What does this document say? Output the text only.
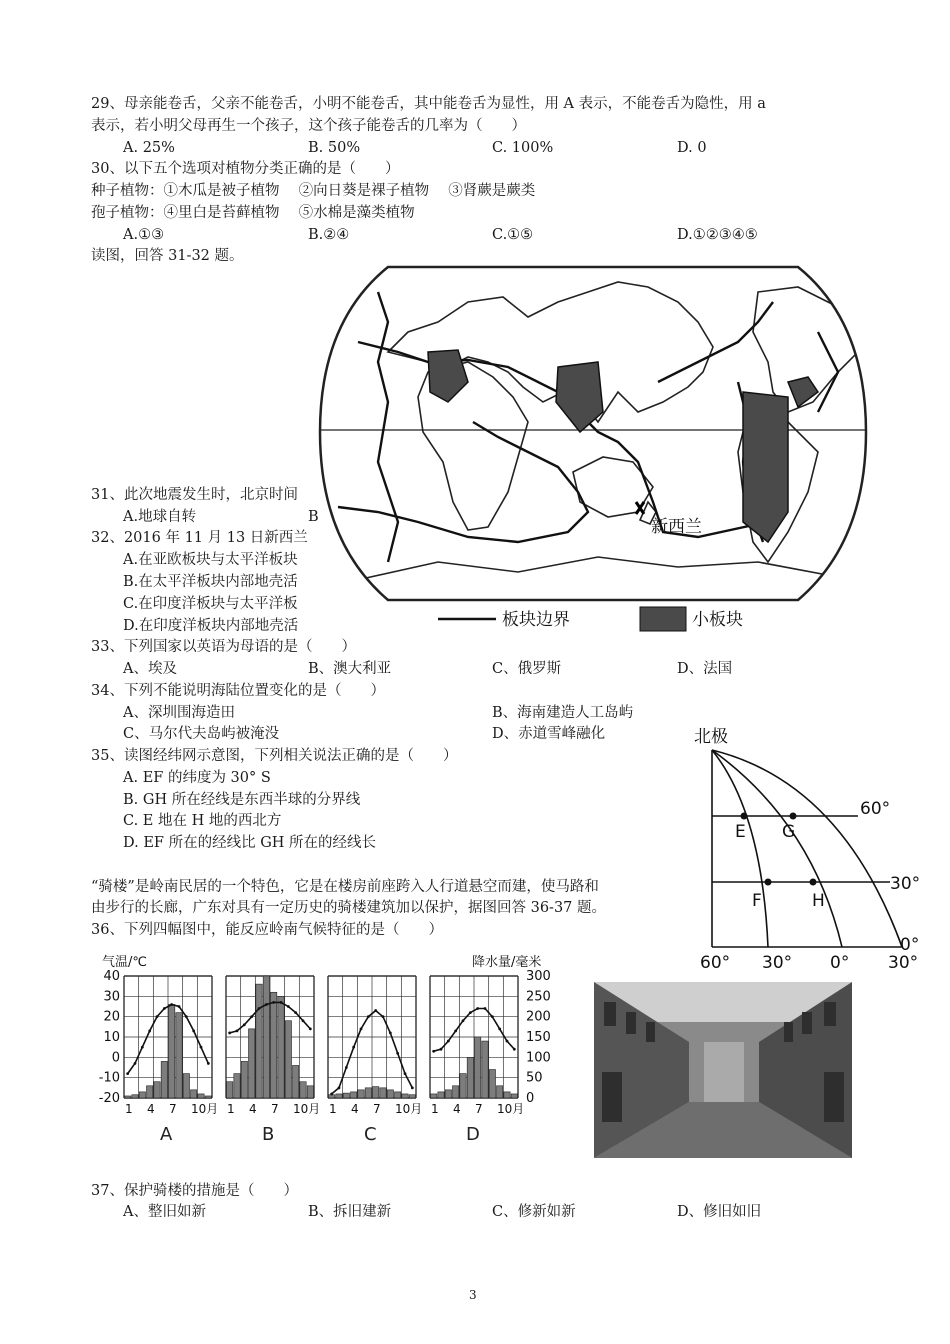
29、母亲能卷舌，父亲不能卷舌，小明不能卷舌，其中能卷舌为显性，用 A 表示，不能卷舌为隐性，用 a
表示，若小明父母再生一个孩子，这个孩子能卷舌的几率为（　　）
A. 25%	B. 50%	C. 100%	D. 0
30、以下五个选项对植物分类正确的是（　　）
种子植物：①木瓜是被子植物　 ②向日葵是裸子植物　 ③肾蕨是蕨类
孢子植物：④里白是苔藓植物　 ⑤水棉是藻类植物
A.①③	B.②④	C.①⑤	D.①②③④⑤
读图，回答 31-32 题。
31、此次地震发生时，北京时间
A.地球自转	B
32、2016 年 11 月 13 日新西兰
A.在亚欧板块与太平洋板块
B.在太平洋板块内部地壳活
C.在印度洋板块与太平洋板
D.在印度洋板块内部地壳活
新西兰
板块边界	小板块
33、下列国家以英语为母语的是（　　）
A、埃及	B、澳大利亚	C、俄罗斯	D、法国
34、下列不能说明海陆位置变化的是（　　）
A、深圳围海造田	B、海南建造人工岛屿
C、马尔代夫岛屿被淹没	D、赤道雪峰融化
35、读图经纬网示意图，下列相关说法正确的是（　　）
A. EF 的纬度为 30° S
B. GH 所在经线是东西半球的分界线
C. E 地在 H 地的西北方
D. EF 所在的经线比 GH 所在的经线长
北极
60°
30°
0°
E G
F	H
60° 30° 0° 30°
“骑楼”是岭南民居的一个特色，它是在楼房前座跨入人行道悬空而建，使马路和
由步行的长廊，广东对具有一定历史的骑楼建筑加以保护，据图回答 36-37 题。
36、下列四幅图中，能反应岭南气候特征的是（　　）
气温/℃	降水量/毫米
40
30
20
10
0
-10
-20
300
250
200
150
100
50
0
1 4 7 10月
A
1 4 7 10月
B
1 4 7 10月
C
1 4 7 10月
D
37、保护骑楼的措施是（　　）
A、整旧如新	B、拆旧建新	C、修新如新	D、修旧如旧
3
